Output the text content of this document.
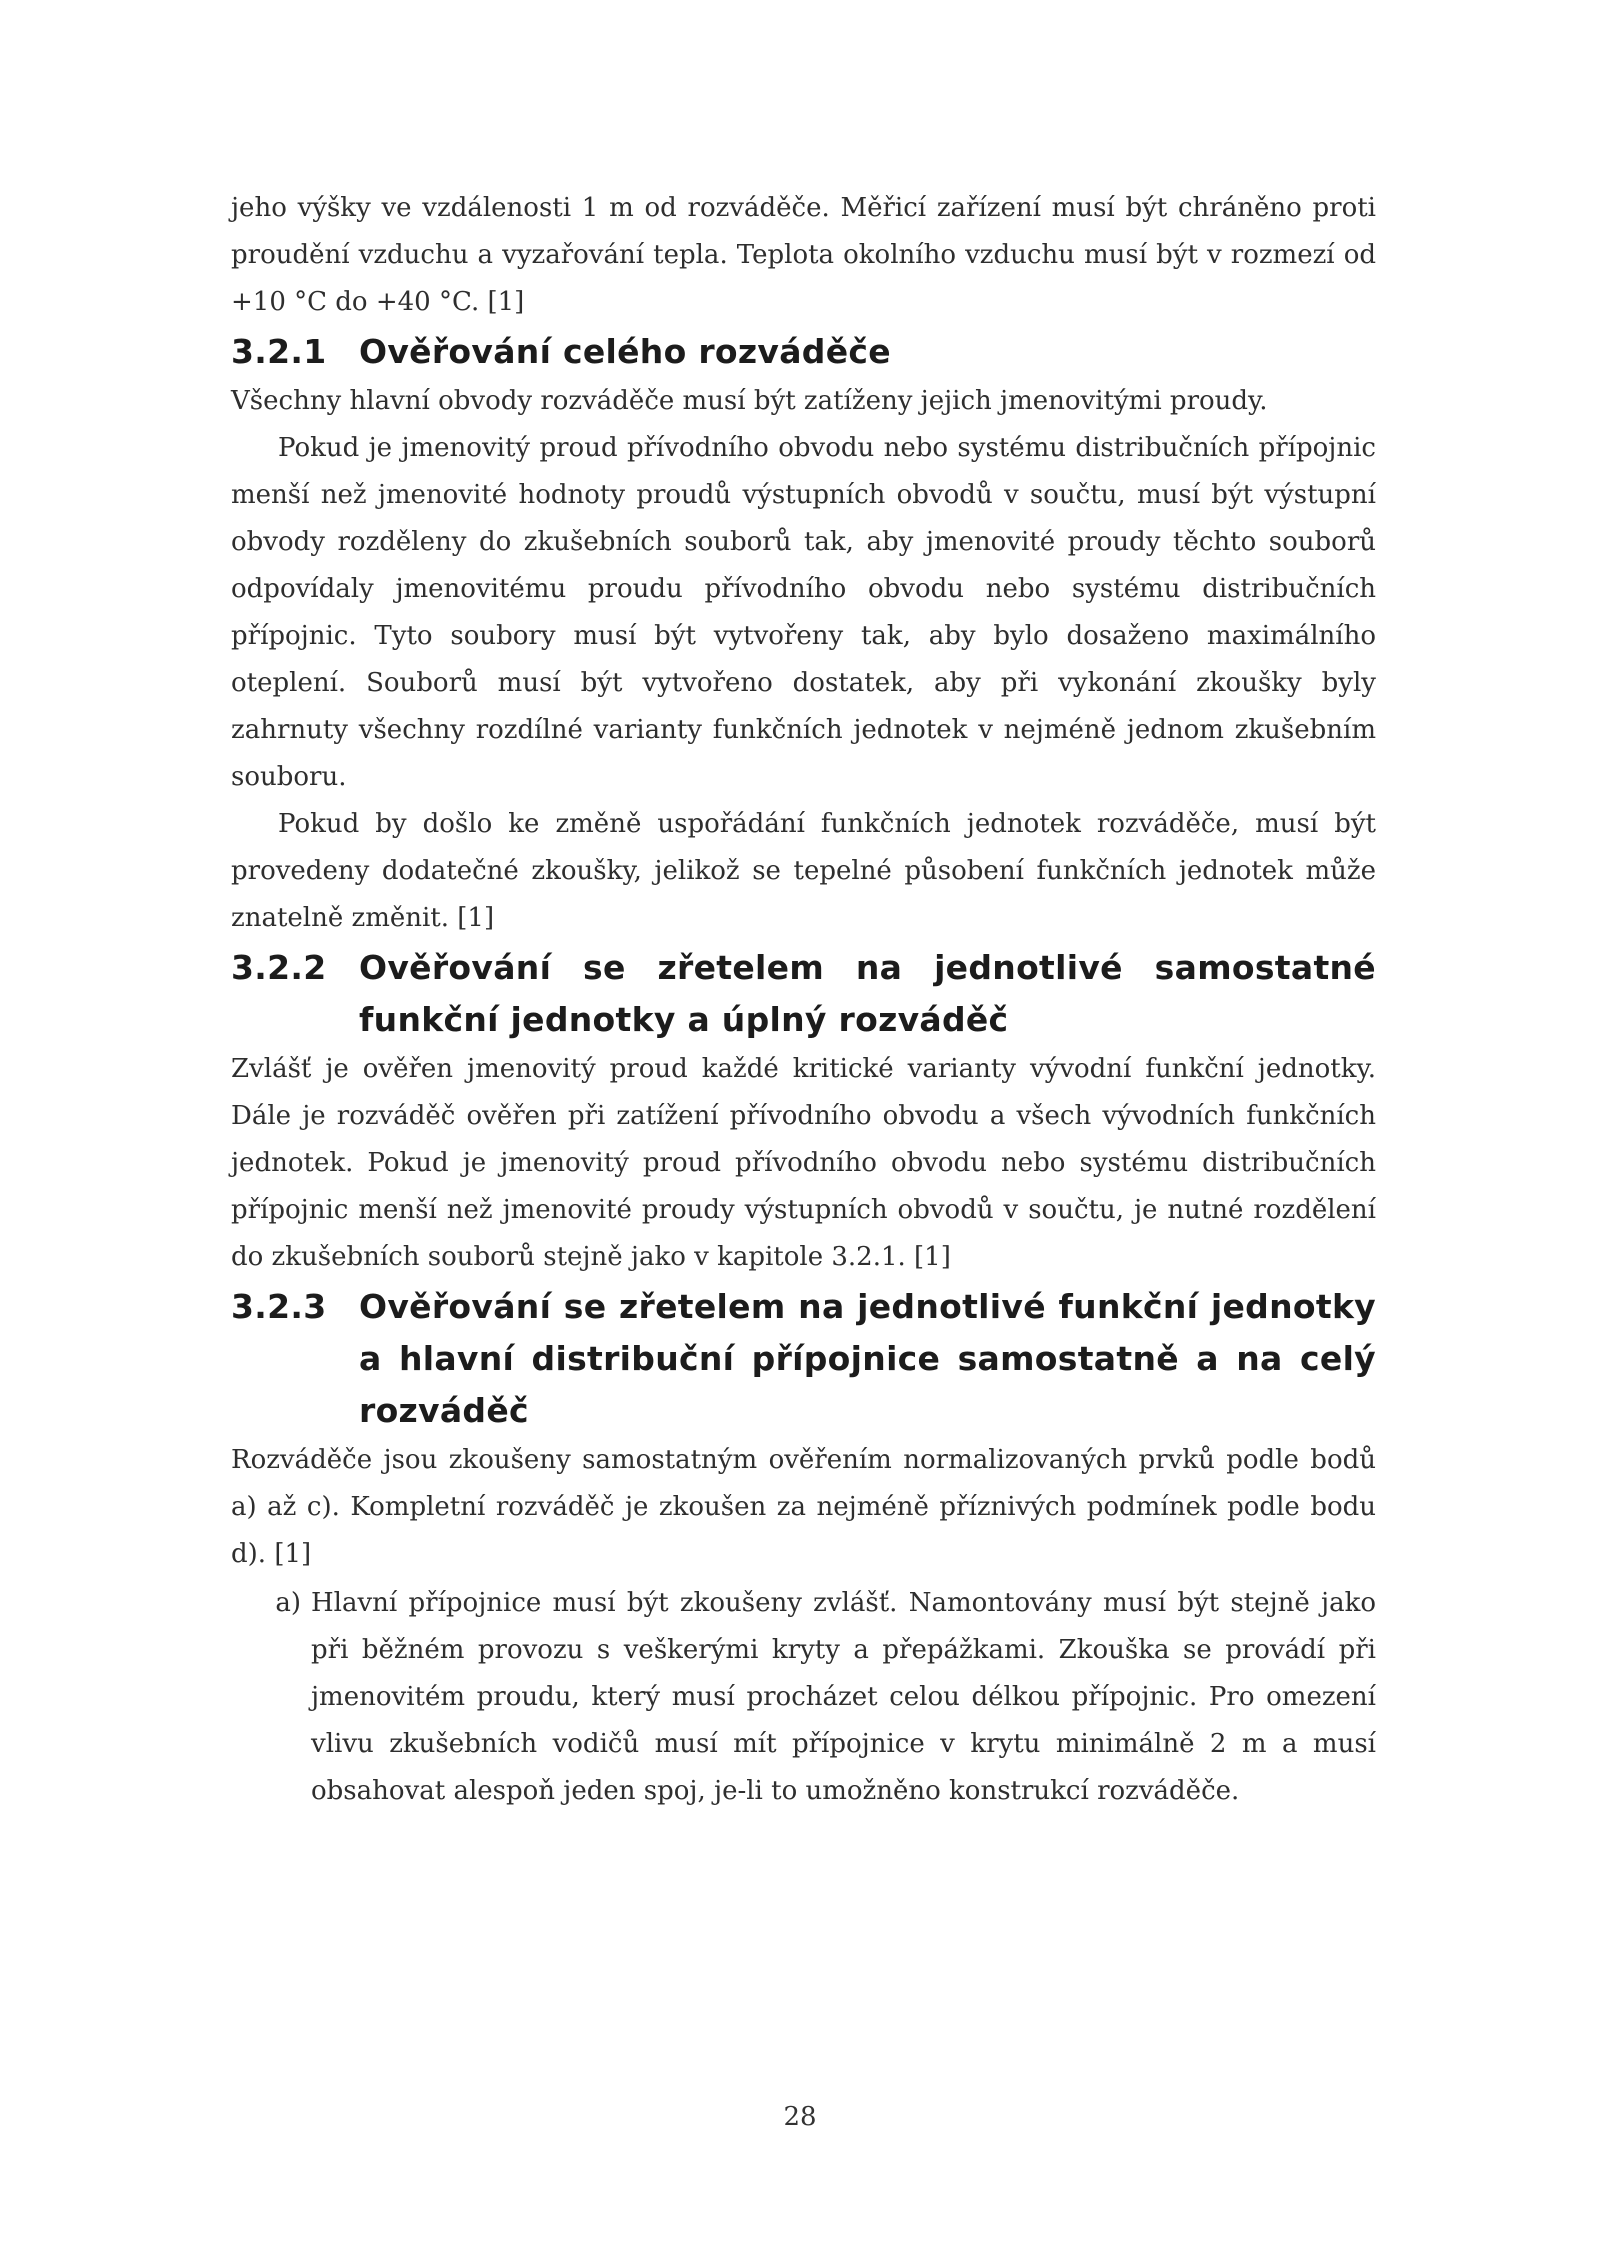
jeho výšky ve vzdálenosti 1 m od rozváděče. Měřicí zařízení musí být chráněno proti proudění vzduchu a vyzařování tepla. Teplota okolního vzduchu musí být v rozmezí od +10 °C do +40 °C. [1]

3.2.1 Ověřování celého rozváděče

Všechny hlavní obvody rozváděče musí být zatíženy jejich jmenovitými proudy.

Pokud je jmenovitý proud přívodního obvodu nebo systému distribučních přípojnic menší než jmenovité hodnoty proudů výstupních obvodů v součtu, musí být výstupní obvody rozděleny do zkušebních souborů tak, aby jmenovité proudy těchto souborů odpovídaly jmenovitému proudu přívodního obvodu nebo systému distribučních přípojnic. Tyto soubory musí být vytvořeny tak, aby bylo dosaženo maximálního oteplení. Souborů musí být vytvořeno dostatek, aby při vykonání zkoušky byly zahrnuty všechny rozdílné varianty funkčních jednotek v nejméně jednom zkušebním souboru.

Pokud by došlo ke změně uspořádání funkčních jednotek rozváděče, musí být provedeny dodatečné zkoušky, jelikož se tepelné působení funkčních jednotek může znatelně změnit. [1]

3.2.2 Ověřování se zřetelem na jednotlivé samostatné funkční jednotky a úplný rozváděč

Zvlášť je ověřen jmenovitý proud každé kritické varianty vývodní funkční jednotky. Dále je rozváděč ověřen při zatížení přívodního obvodu a všech vývodních funkčních jednotek. Pokud je jmenovitý proud přívodního obvodu nebo systému distribučních přípojnic menší než jmenovité proudy výstupních obvodů v součtu, je nutné rozdělení do zkušebních souborů stejně jako v kapitole 3.2.1. [1]

3.2.3 Ověřování se zřetelem na jednotlivé funkční jednotky a hlavní distribuční přípojnice samostatně a na celý rozváděč

Rozváděče jsou zkoušeny samostatným ověřením normalizovaných prvků podle bodů a) až c). Kompletní rozváděč je zkoušen za nejméně příznivých podmínek podle bodu d). [1]

a) Hlavní přípojnice musí být zkoušeny zvlášť. Namontovány musí být stejně jako při běžném provozu s veškerými kryty a přepážkami. Zkouška se provádí při jmenovitém proudu, který musí procházet celou délkou přípojnic. Pro omezení vlivu zkušebních vodičů musí mít přípojnice v krytu minimálně 2 m a musí obsahovat alespoň jeden spoj, je-li to umožněno konstrukcí rozváděče.
28
